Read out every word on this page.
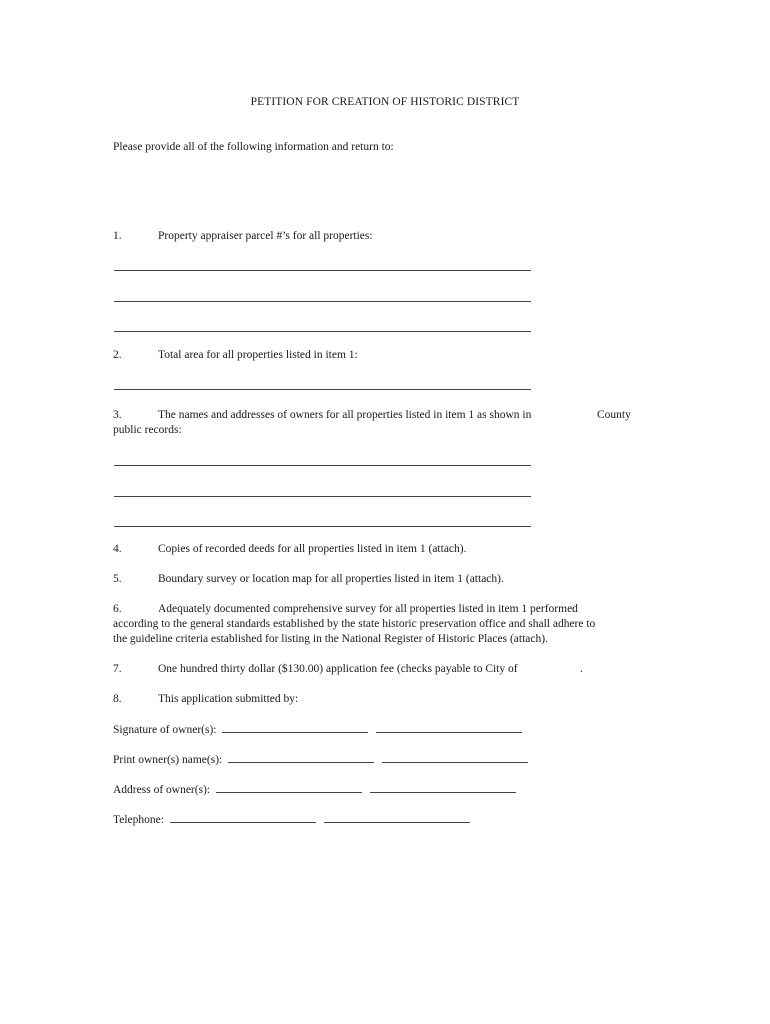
PETITION FOR CREATION OF HISTORIC DISTRICT
Please provide all of the following information and return to:
1.	Property appraiser parcel #’s for all properties:
2.	Total area for all properties listed in item 1:
3.	The names and addresses of owners for all properties listed in item 1 as shown in	County
public records:
4.	Copies of recorded deeds for all properties listed in item 1 (attach).
5.	Boundary survey or location map for all properties listed in item 1 (attach).
6.	Adequately documented comprehensive survey for all properties listed in item 1 performed
according to the general standards established by the state historic preservation office and shall adhere to
the guideline criteria established for listing in the National Register of Historic Places (attach).
7.	One hundred thirty dollar ($130.00) application fee (checks payable to City of	.
8.	This application submitted by:
Signature of owner(s):
Print owner(s) name(s):
Address of owner(s):
Telephone:
